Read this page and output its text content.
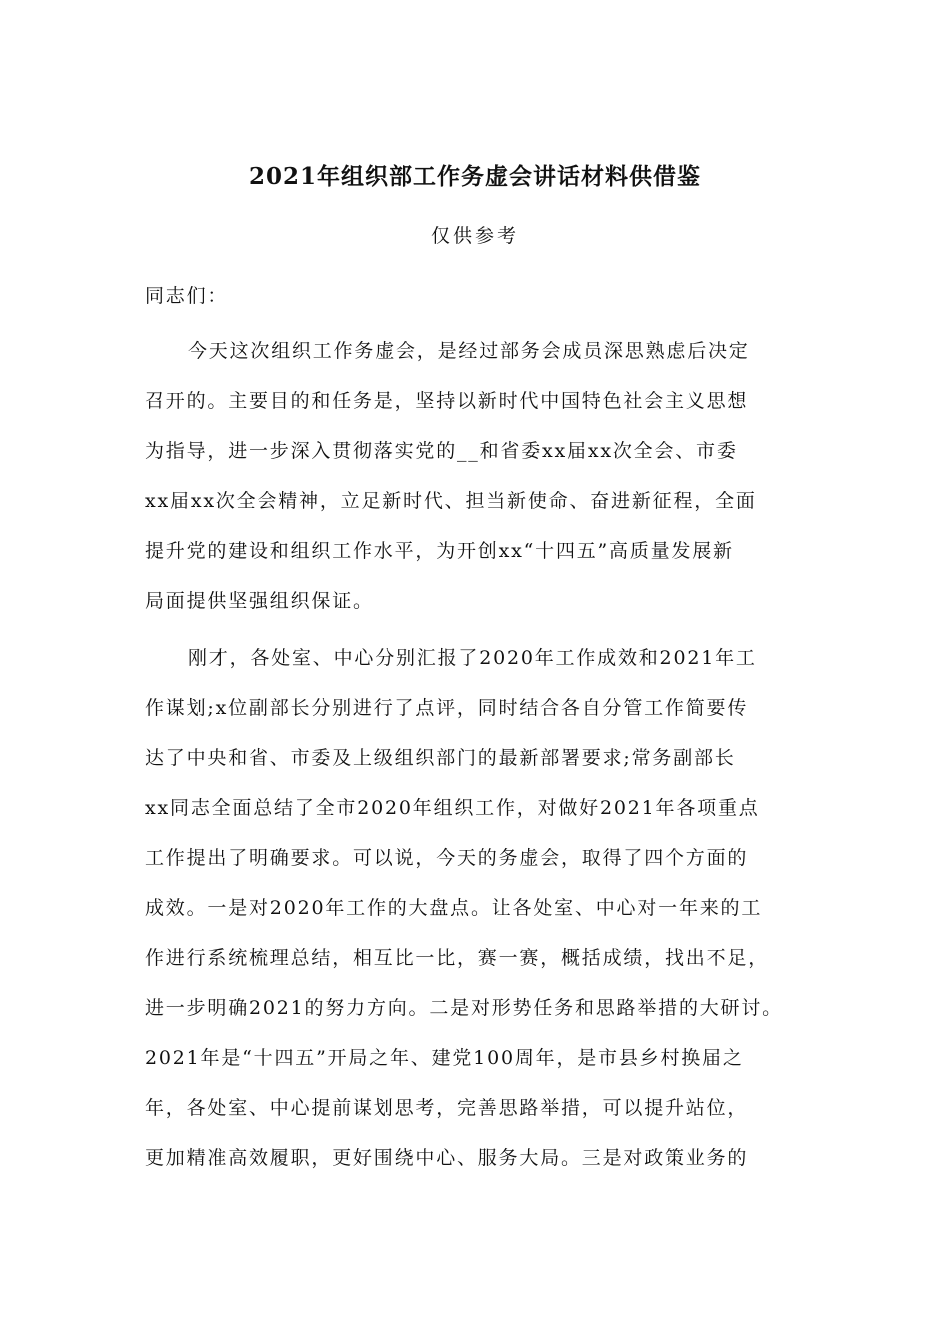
2021年组织部工作务虚会讲话材料供借鉴

仅供参考

同志们：

今天这次组织工作务虚会，是经过部务会成员深思熟虑后决定

召开的。主要目的和任务是，坚持以新时代中国特色社会主义思想

为指导，进一步深入贯彻落实党的__和省委xx届xx次全会、市委

xx届xx次全会精神，立足新时代、担当新使命、奋进新征程，全面

提升党的建设和组织工作水平，为开创xx“十四五”高质量发展新

局面提供坚强组织保证。

刚才，各处室、中心分别汇报了2020年工作成效和2021年工

作谋划;x位副部长分别进行了点评，同时结合各自分管工作简要传

达了中央和省、市委及上级组织部门的最新部署要求;常务副部长

xx同志全面总结了全市2020年组织工作，对做好2021年各项重点

工作提出了明确要求。可以说，今天的务虚会，取得了四个方面的

成效。一是对2020年工作的大盘点。让各处室、中心对一年来的工

作进行系统梳理总结，相互比一比，赛一赛，概括成绩，找出不足，

进一步明确2021的努力方向。二是对形势任务和思路举措的大研讨。

2021年是“十四五”开局之年、建党100周年，是市县乡村换届之

年，各处室、中心提前谋划思考，完善思路举措，可以提升站位，

更加精准高效履职，更好围绕中心、服务大局。三是对政策业务的
